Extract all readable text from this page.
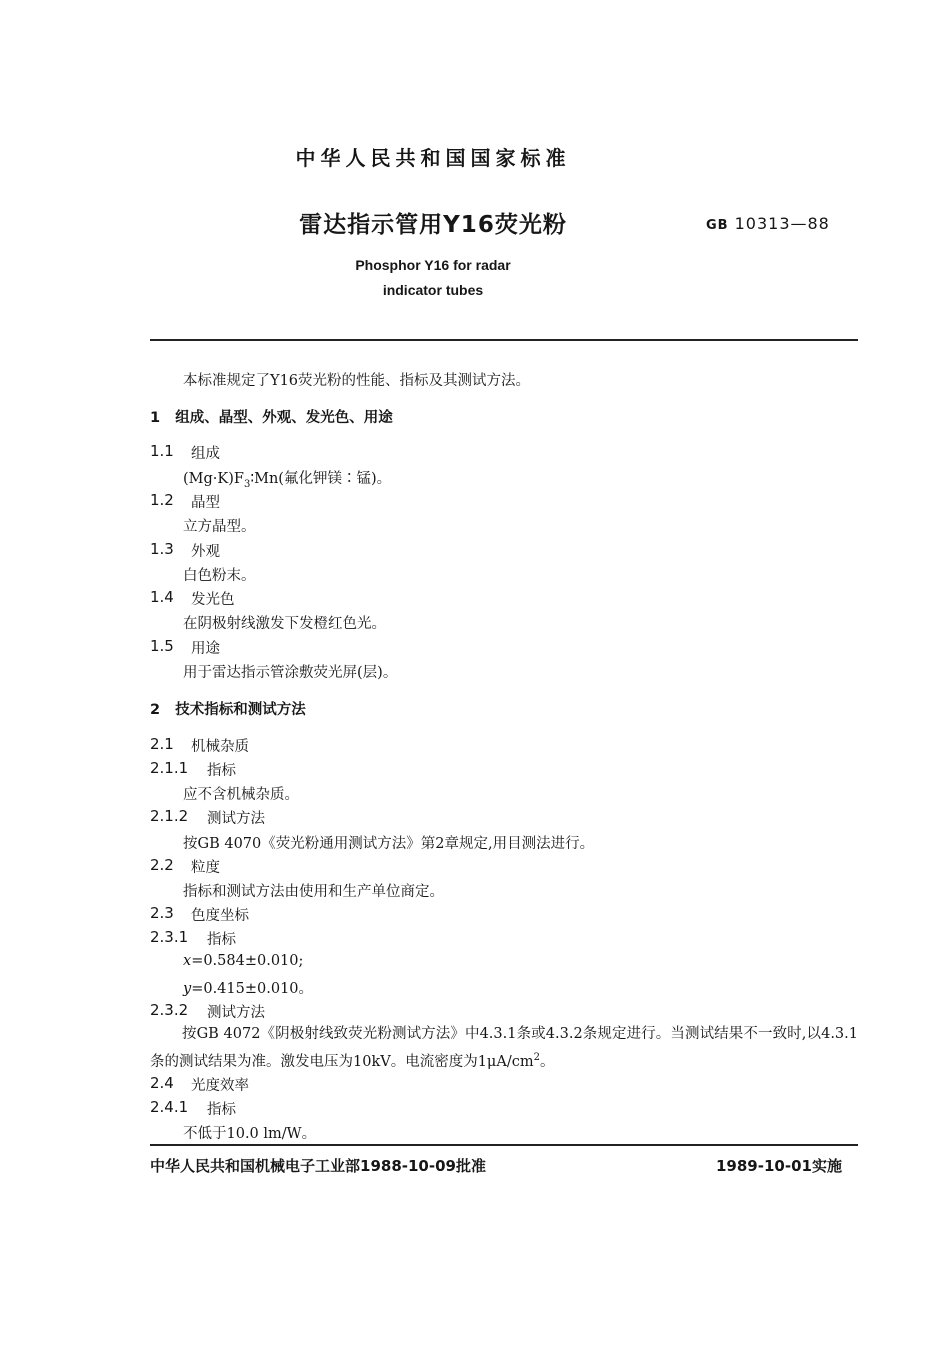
中华人民共和国国家标准
雷达指示管用Y16荧光粉	GB 10313—88
Phosphor Y16 for radar
indicator tubes
本标准规定了Y16荧光粉的性能、指标及其测试方法。
1 组成、晶型、外观、发光色、用途
1.1 组成
$(Mg\cdot K)F_3∶Mn$(氟化钾镁∶锰)。
1.2 晶型
立方晶型。
1.3 外观
白色粉末。
1.4 发光色
在阴极射线激发下发橙红色光。
1.5 用途
用于雷达指示管涂敷荧光屏(层)。
2 技术指标和测试方法
2.1 机械杂质
2.1.1 指标
应不含机械杂质。
2.1.2 测试方法
按GB 4070《荧光粉通用测试方法》第2章规定,用目测法进行。
2.2 粒度
指标和测试方法由使用和生产单位商定。
2.3 色度坐标
2.3.1 指标
x=0.584±0.010;
y=0.415±0.010。
2.3.2 测试方法
按GB 4072《阴极射线致荧光粉测试方法》中4.3.1条或4.3.2条规定进行。当测试结果不一致时,以4.3.1条的测试结果为准。激发电压为10kV。电流密度为$1\mu A/cm^2$。
2.4 光度效率
2.4.1 指标
不低于10.0 lm/W。
中华人民共和国机械电子工业部1988-10-09批准	1989-10-01实施
